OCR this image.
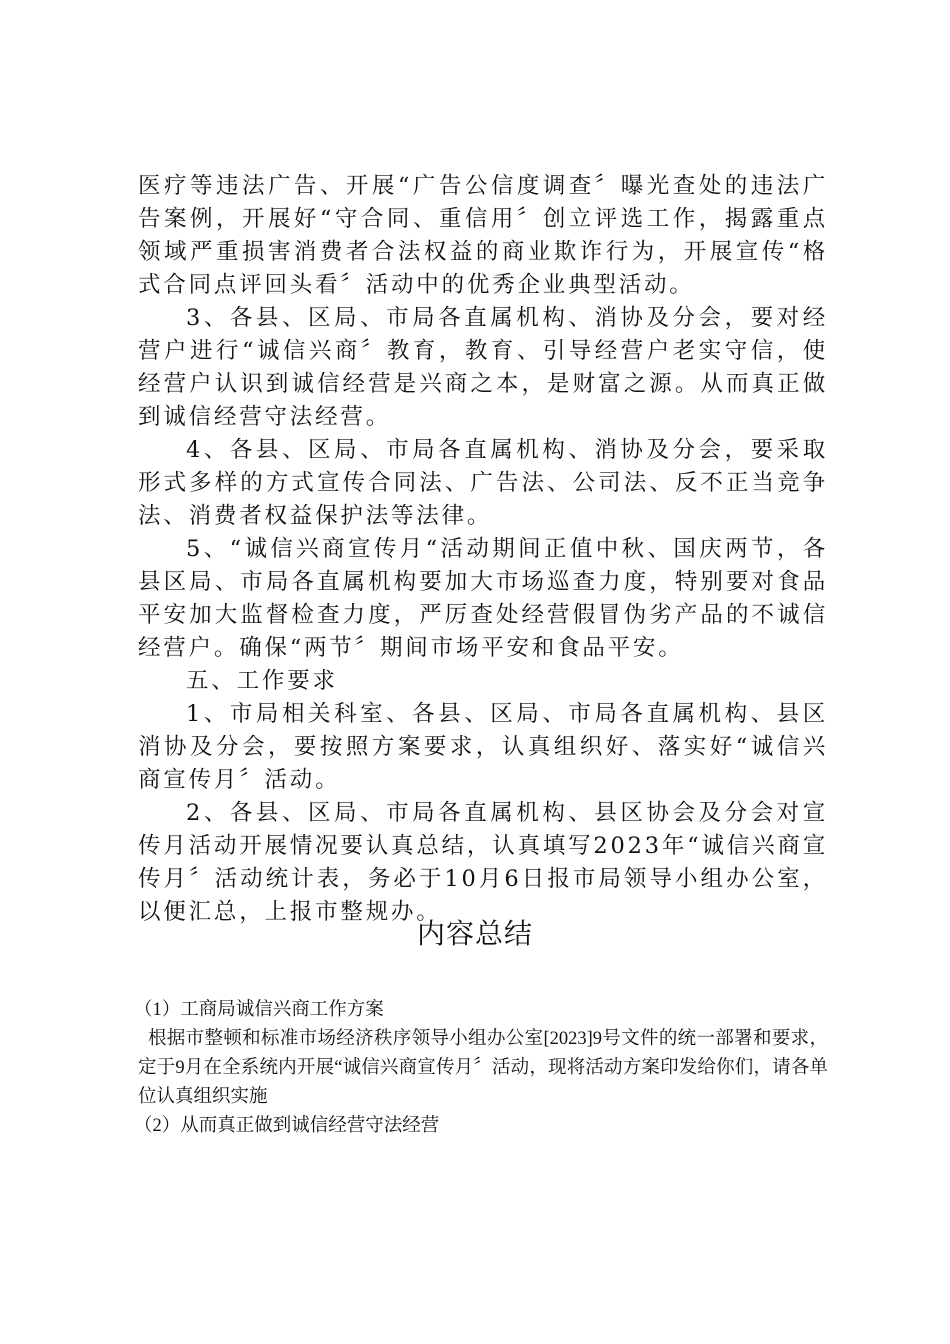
医疗等违法广告、开展“广告公信度调查〞曝光查处的违法广告案例，开展好“守合同、重信用〞创立评选工作，揭露重点领域严重损害消费者合法权益的商业欺诈行为，开展宣传“格式合同点评回头看〞活动中的优秀企业典型活动。

3、各县、区局、市局各直属机构、消协及分会，要对经营户进行“诚信兴商〞教育，教育、引导经营户老实守信，使经营户认识到诚信经营是兴商之本，是财富之源。从而真正做到诚信经营守法经营。

4、各县、区局、市局各直属机构、消协及分会，要采取形式多样的方式宣传合同法、广告法、公司法、反不正当竞争法、消费者权益保护法等法律。

5、“诚信兴商宣传月“活动期间正值中秋、国庆两节，各县区局、市局各直属机构要加大市场巡查力度，特别要对食品平安加大监督检查力度，严厉查处经营假冒伪劣产品的不诚信经营户。确保“两节〞期间市场平安和食品平安。

五、工作要求

1、市局相关科室、各县、区局、市局各直属机构、县区消协及分会，要按照方案要求，认真组织好、落实好“诚信兴商宣传月〞活动。

2、各县、区局、市局各直属机构、县区协会及分会对宣传月活动开展情况要认真总结，认真填写2023年“诚信兴商宣传月〞活动统计表，务必于10月6日报市局领导小组办公室，以便汇总，上报市整规办。

内容总结

（1）工商局诚信兴商工作方案

根据市整顿和标准市场经济秩序领导小组办公室[2023]9号文件的统一部署和要求，定于9月在全系统内开展“诚信兴商宣传月〞活动，现将活动方案印发给你们，请各单位认真组织实施

（2）从而真正做到诚信经营守法经营
